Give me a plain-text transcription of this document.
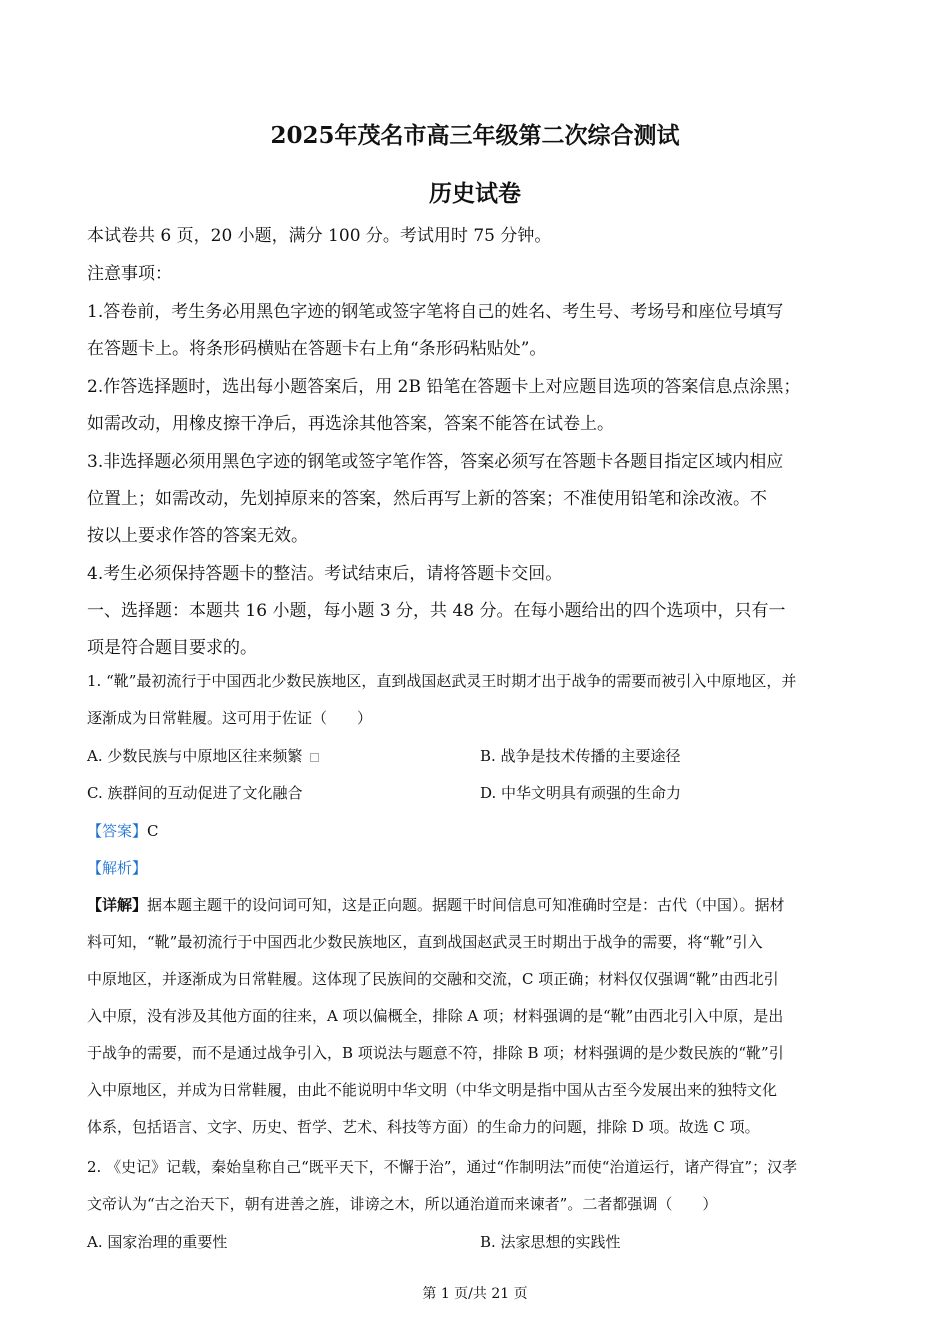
2025年茂名市高三年级第二次综合测试
历史试卷
本试卷共 6 页，20 小题，满分 100 分。考试用时 75 分钟。
注意事项：
1.答卷前，考生务必用黑色字迹的钢笔或签字笔将自己的姓名、考生号、考场号和座位号填写
在答题卡上。将条形码横贴在答题卡右上角“条形码粘贴处”。
2.作答选择题时，选出每小题答案后，用 2B 铅笔在答题卡上对应题目选项的答案信息点涂黑；
如需改动，用橡皮擦干净后，再选涂其他答案，答案不能答在试卷上。
3.非选择题必须用黑色字迹的钢笔或签字笔作答，答案必须写在答题卡各题目指定区域内相应
位置上；如需改动，先划掉原来的答案，然后再写上新的答案；不准使用铅笔和涂改液。不
按以上要求作答的答案无效。
4.考生必须保持答题卡的整洁。考试结束后，请将答题卡交回。
一、选择题：本题共 16 小题，每小题 3 分，共 48 分。在每小题给出的四个选项中，只有一
项是符合题目要求的。
1. “靴”最初流行于中国西北少数民族地区，直到战国赵武灵王时期才出于战争的需要而被引入中原地区，并
逐渐成为日常鞋履。这可用于佐证（　　）
A. 少数民族与中原地区往来频繁	B. 战争是技术传播的主要途径
C. 族群间的互动促进了文化融合	D. 中华文明具有顽强的生命力
【答案】C
【解析】
【详解】据本题主题干的设问词可知，这是正向题。据题干时间信息可知准确时空是：古代（中国）。据材
料可知，“靴”最初流行于中国西北少数民族地区，直到战国赵武灵王时期出于战争的需要，将“靴”引入
中原地区，并逐渐成为日常鞋履。这体现了民族间的交融和交流，C 项正确；材料仅仅强调“靴”由西北引
入中原，没有涉及其他方面的往来，A 项以偏概全，排除 A 项；材料强调的是“靴”由西北引入中原，是出
于战争的需要，而不是通过战争引入，B 项说法与题意不符，排除 B 项；材料强调的是少数民族的“靴”引
入中原地区，并成为日常鞋履，由此不能说明中华文明（中华文明是指中国从古至今发展出来的独特文化
体系，包括语言、文字、历史、哲学、艺术、科技等方面）的生命力的问题，排除 D 项。故选 C 项。
2. 《史记》记载，秦始皇称自己“既平天下，不懈于治”，通过“作制明法”而使“治道运行，诸产得宜”；汉孝
文帝认为“古之治天下，朝有进善之旌，诽谤之木，所以通治道而来谏者”。二者都强调（　　）
A. 国家治理的重要性	B. 法家思想的实践性
第 1 页/共 21 页
